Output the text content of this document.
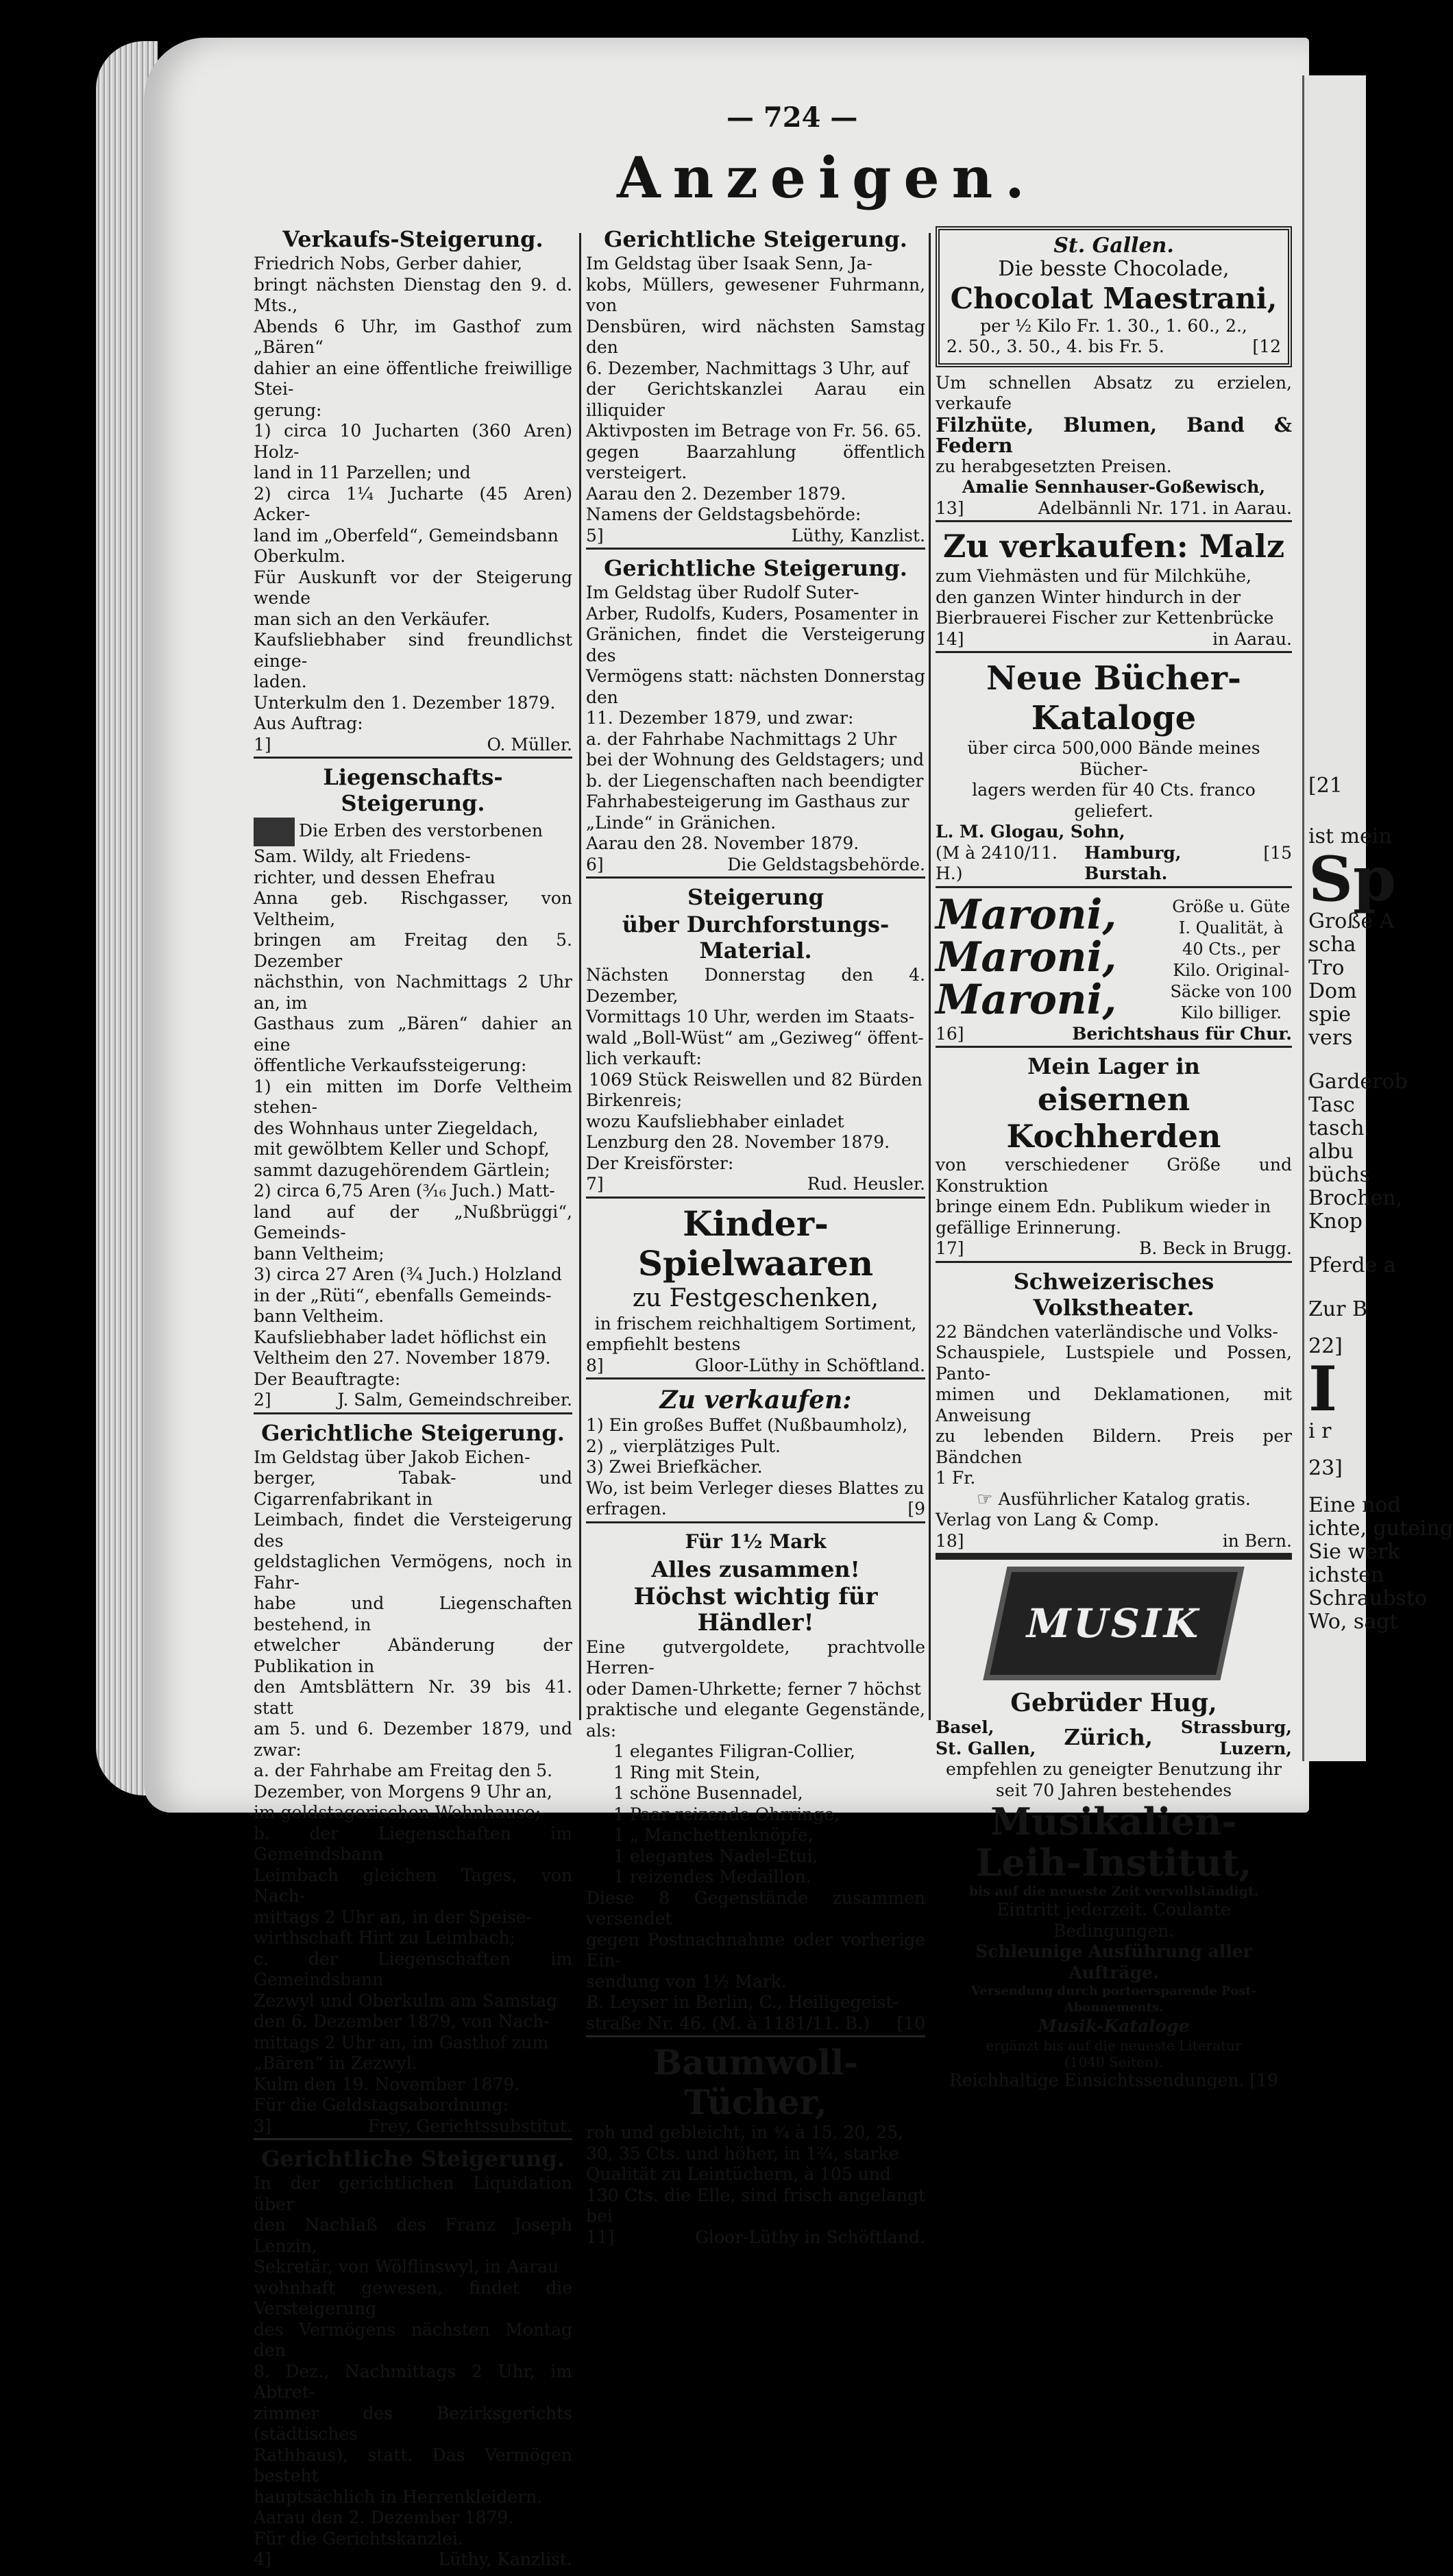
— 724 —
Anzeigen.
Verkaufs-Steigerung.

Friedrich Nobs, Gerber dahier,

bringt nächsten Dienstag den 9. d. Mts.,

Abends 6 Uhr, im Gasthof zum „Bären“

dahier an eine öffentliche freiwillige Stei-

gerung:

1) circa 10 Jucharten (360 Aren) Holz-

land in 11 Parzellen; und

2) circa 1¼ Jucharte (45 Aren) Acker-

land im „Oberfeld“, Gemeindsbann

Oberkulm.

Für Auskunft vor der Steigerung wende

man sich an den Verkäufer.

Kaufsliebhaber sind freundlichst einge-

laden.

Unterkulm den 1. Dezember 1879.

Aus Auftrag:

1]	O. Müller.
Liegenschafts-Steigerung.

Die Erben des verstorbenen

Sam. Wildy, alt Friedens-

richter, und dessen Ehefrau

Anna geb. Rischgasser, von Veltheim,

bringen am Freitag den 5. Dezember

nächsthin, von Nachmittags 2 Uhr an, im

Gasthaus zum „Bären“ dahier an eine

öffentliche Verkaufssteigerung:

1) ein mitten im Dorfe Veltheim stehen-

des Wohnhaus unter Ziegeldach,

mit gewölbtem Keller und Schopf,

sammt dazugehörendem Gärtlein;

2) circa 6,75 Aren (³⁄₁₆ Juch.) Matt-

land auf der „Nußbrüggi“, Gemeinds-

bann Veltheim;

3) circa 27 Aren (¾ Juch.) Holzland

in der „Rüti“, ebenfalls Gemeinds-

bann Veltheim.

Kaufsliebhaber ladet höflichst ein

Veltheim den 27. November 1879.

Der Beauftragte:

2]	J. Salm, Gemeindschreiber.
Gerichtliche Steigerung.

Im Geldstag über Jakob Eichen-

berger, Tabak- und Cigarrenfabrikant in

Leimbach, findet die Versteigerung des

geldstaglichen Vermögens, noch in Fahr-

habe und Liegenschaften bestehend, in

etwelcher Abänderung der Publikation in

den Amtsblättern Nr. 39 bis 41. statt

am 5. und 6. Dezember 1879, und zwar:

a. der Fahrhabe am Freitag den 5.

Dezember, von Morgens 9 Uhr an,

im geldstagerischen Wohnhause;

b. der Liegenschaften im Gemeindsbann

Leimbach gleichen Tages, von Nach-

mittags 2 Uhr an, in der Speise-

wirthschaft Hirt zu Leimbach;

c. der Liegenschaften im Gemeindsbann

Zezwyl und Oberkulm am Samstag

den 6. Dezember 1879, von Nach-

mittags 2 Uhr an, im Gasthof zum

„Bären“ in Zezwyl.

Kulm den 19. November 1879.

Für die Geldstagsabordnung:

3]	Frey, Gerichtssubstitut.
Gerichtliche Steigerung.

In der gerichtlichen Liquidation über

den Nachlaß des Franz Joseph Lenzin,

Sekretär, von Wölflinswyl, in Aarau

wohnhaft gewesen, findet die Versteigerung

des Vermögens nächsten Montag den

8. Dez., Nachmittags 2 Uhr, im Abtret-

zimmer des Bezirksgerichts (städtisches

Rathhaus), statt. Das Vermögen besteht

hauptsächlich in Herrenkleidern.

Aarau den 2. Dezember 1879.

Für die Gerichtskanzlei.

4]	Lüthy, Kanzlist.
Gerichtliche Steigerung.

Im Geldstag über Isaak Senn, Ja-

kobs, Müllers, gewesener Fuhrmann, von

Densbüren, wird nächsten Samstag den

6. Dezember, Nachmittags 3 Uhr, auf

der Gerichtskanzlei Aarau ein illiquider

Aktivposten im Betrage von Fr. 56. 65.

gegen Baarzahlung öffentlich versteigert.

Aarau den 2. Dezember 1879.

Namens der Geldstagsbehörde:

5]	Lüthy, Kanzlist.
Gerichtliche Steigerung.

Im Geldstag über Rudolf Suter-

Arber, Rudolfs, Kuders, Posamenter in

Gränichen, findet die Versteigerung des

Vermögens statt: nächsten Donnerstag den

11. Dezember 1879, und zwar:

a. der Fahrhabe Nachmittags 2 Uhr

bei der Wohnung des Geldstagers; und

b. der Liegenschaften nach beendigter

Fahrhabesteigerung im Gasthaus zur

„Linde“ in Gränichen.

Aarau den 28. November 1879.

6]	Die Geldstagsbehörde.
Steigerung
über Durchforstungs-Material.

Nächsten Donnerstag den 4. Dezember,

Vormittags 10 Uhr, werden im Staats-

wald „Boll-Wüst“ am „Geziweg“ öffent-

lich verkauft:

1069 Stück Reiswellen und 82 Bürden

Birkenreis;

wozu Kaufsliebhaber einladet

Lenzburg den 28. November 1879.

Der Kreisförster:

7]	Rud. Heusler.
Kinder-Spielwaaren
zu Festgeschenken,

in frischem reichhaltigem Sortiment,

empfiehlt bestens

8]	Gloor-Lüthy in Schöftland.
Zu verkaufen:

1) Ein großes Buffet (Nußbaumholz),

2) „ vierplätziges Pult.

3) Zwei Briefkächer.

Wo, ist beim Verleger dieses Blattes zu

erfragen.	[9
Für 1½ Mark
Alles zusammen!
Höchst wichtig für Händler!

Eine gutvergoldete, prachtvolle Herren-

oder Damen-Uhrkette; ferner 7 höchst

praktische und elegante Gegenstände, als:

1 elegantes Filigran-Collier,

1 Ring mit Stein,

1 schöne Busennadel,

1 Paar reizende Ohrringe,

1 „ Manchettenknöpfe,

1 elegantes Nadel-Etui,

1 reizendes Medaillon.

Diese 8 Gegenstände zusammen versendet

gegen Postnachnahme oder vorherige Ein-

sendung von 1½ Mark.

B. Leyser in Berlin, C., Heiligegeist-

straße Nr. 46. (M. à 1181/11. B.) [10
Baumwoll-Tücher,

roh und gebleicht, in ⁴⁄₄ à 15, 20, 25,

30, 35 Cts. und höher, in 1²⁄₄, starke

Qualität zu Leintüchern, à 105 und

130 Cts. die Elle, sind frisch angelangt bei

11]	Gloor-Lüthy in Schöftland.

St. Gallen.

Die besste Chocolade,

Chocolat Maestrani,

per ½ Kilo Fr. 1. 30., 1. 60., 2.,

2. 50., 3. 50., 4. bis Fr. 5.	[12

Um schnellen Absatz zu erzielen, verkaufe

Filzhüte, Blumen, Band & Federn

zu herabgesetzten Preisen.

Amalie Sennhauser-Goßewisch,

13]	Adelbännli Nr. 171. in Aarau.
Zu verkaufen: Malz

zum Viehmästen und für Milchkühe,

den ganzen Winter hindurch in der

Bierbrauerei Fischer zur Kettenbrücke

14]	in Aarau.
Neue Bücher-Kataloge

über circa 500,000 Bände meines Bücher-

lagers werden für 40 Cts. franco geliefert.

L. M. Glogau, Sohn,

(M à 2410/11. H.)
Hamburg, Burstah.
[15
Maroni,
Maroni,
Maroni,
Größe u. Güte
I. Qualität, à
40 Cts., per
Kilo. Original-
Säcke von 100
Kilo billiger.
16]	Berichtshaus für Chur.
Mein Lager in
eisernen Kochherden

von verschiedener Größe und Konstruktion

bringe einem Edn. Publikum wieder in

gefällige Erinnerung.

17]	B. Beck in Brugg.
Schweizerisches Volkstheater.

22 Bändchen vaterländische und Volks-

Schauspiele, Lustspiele und Possen, Panto-

mimen und Deklamationen, mit Anweisung

zu lebenden Bildern. Preis per Bändchen

1 Fr.

☞ Ausführlicher Katalog gratis.

Verlag von Lang & Comp.

18]	in Bern.
MUSIK
Gebrüder Hug,
Basel,
St. Gallen, Zürich, Strassburg,
Luzern,

empfehlen zu geneigter Benutzung ihr

seit 70 Jahren bestehendes

Musikalien-
Leih-Institut,

bis auf die neueste Zeit vervollständigt.

Eintritt jederzeit. Coulante Bedingungen.

Schleunige Ausführung aller Aufträge.

Versendung durch portoersparende Post-Abonnements.

Musik-Kataloge

ergänzt bis auf die neueste Literatur

(1040 Seiten).

Reichhaltige Einsichtssendungen. [19
[21
ist mein
Sp
Große A
scha
Tro
Dom
spie
vers
Garderob
Tasc
tasch
albu
büchs
Brochen,
Knop
Pferde a
Zur B
22]
I
i r
23]
Eine nod
ichte, guteing
Sie werk
ichsten
Schraubsto
Wo, sagt
